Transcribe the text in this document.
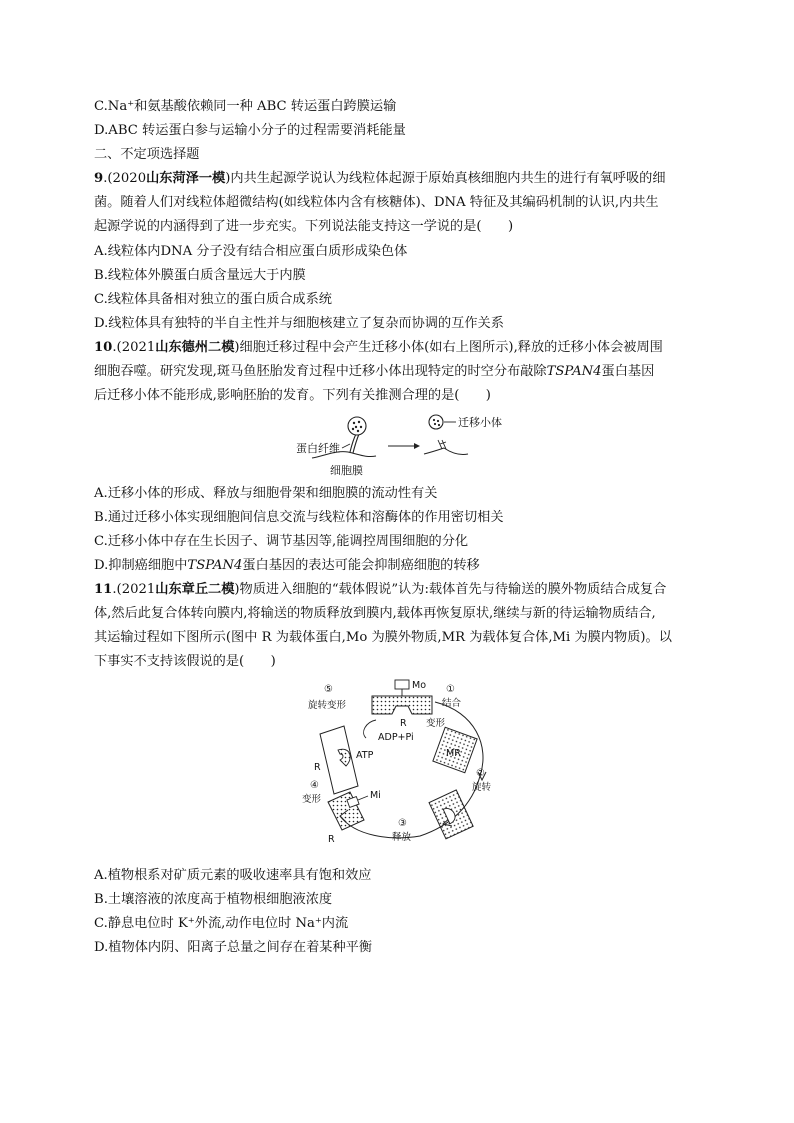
C.Na⁺和氨基酸依赖同一种 ABC 转运蛋白跨膜运输
D.ABC 转运蛋白参与运输小分子的过程需要消耗能量
二、不定项选择题
9.(2020山东菏泽一模)内共生起源学说认为线粒体起源于原始真核细胞内共生的进行有氧呼吸的细
菌。随着人们对线粒体超微结构(如线粒体内含有核糖体)、DNA 特征及其编码机制的认识,内共生
起源学说的内涵得到了进一步充实。下列说法能支持这一学说的是(　　)
A.线粒体内DNA 分子没有结合相应蛋白质形成染色体
B.线粒体外膜蛋白质含量远大于内膜
C.线粒体具备相对独立的蛋白质合成系统
D.线粒体具有独特的半自主性并与细胞核建立了复杂而协调的互作关系
10.(2021山东德州二模)细胞迁移过程中会产生迁移小体(如右上图所示),释放的迁移小体会被周围
细胞吞噬。研究发现,斑马鱼胚胎发育过程中迁移小体出现特定的时空分布敲除TSPAN4蛋白基因
后迁移小体不能形成,影响胚胎的发育。下列有关推测合理的是(　　)
迁移小体
蛋白纤维
细胞膜
A.迁移小体的形成、释放与细胞骨架和细胞膜的流动性有关
B.通过迁移小体实现细胞间信息交流与线粒体和溶酶体的作用密切相关
C.迁移小体中存在生长因子、调节基因等,能调控周围细胞的分化
D.抑制癌细胞中TSPAN4蛋白基因的表达可能会抑制癌细胞的转移
11.(2021山东章丘二模)物质进入细胞的“载体假说”认为:载体首先与待输送的膜外物质结合成复合
体,然后此复合体转向膜内,将输送的物质释放到膜内,载体再恢复原状,继续与新的待运输物质结合,
其运输过程如下图所示(图中 R 为载体蛋白,Mo 为膜外物质,MR 为载体复合体,Mi 为膜内物质)。以
下事实不支持该假说的是(　　)
Mo
R
⑤
旋转变形
ADP+Pi
ATP
R
①
结合
变形
MR
②
旋转
③
释放
Mi
R
④
变形
A.植物根系对矿质元素的吸收速率具有饱和效应
B.土壤溶液的浓度高于植物根细胞液浓度
C.静息电位时 K⁺外流,动作电位时 Na⁺内流
D.植物体内阴、阳离子总量之间存在着某种平衡
